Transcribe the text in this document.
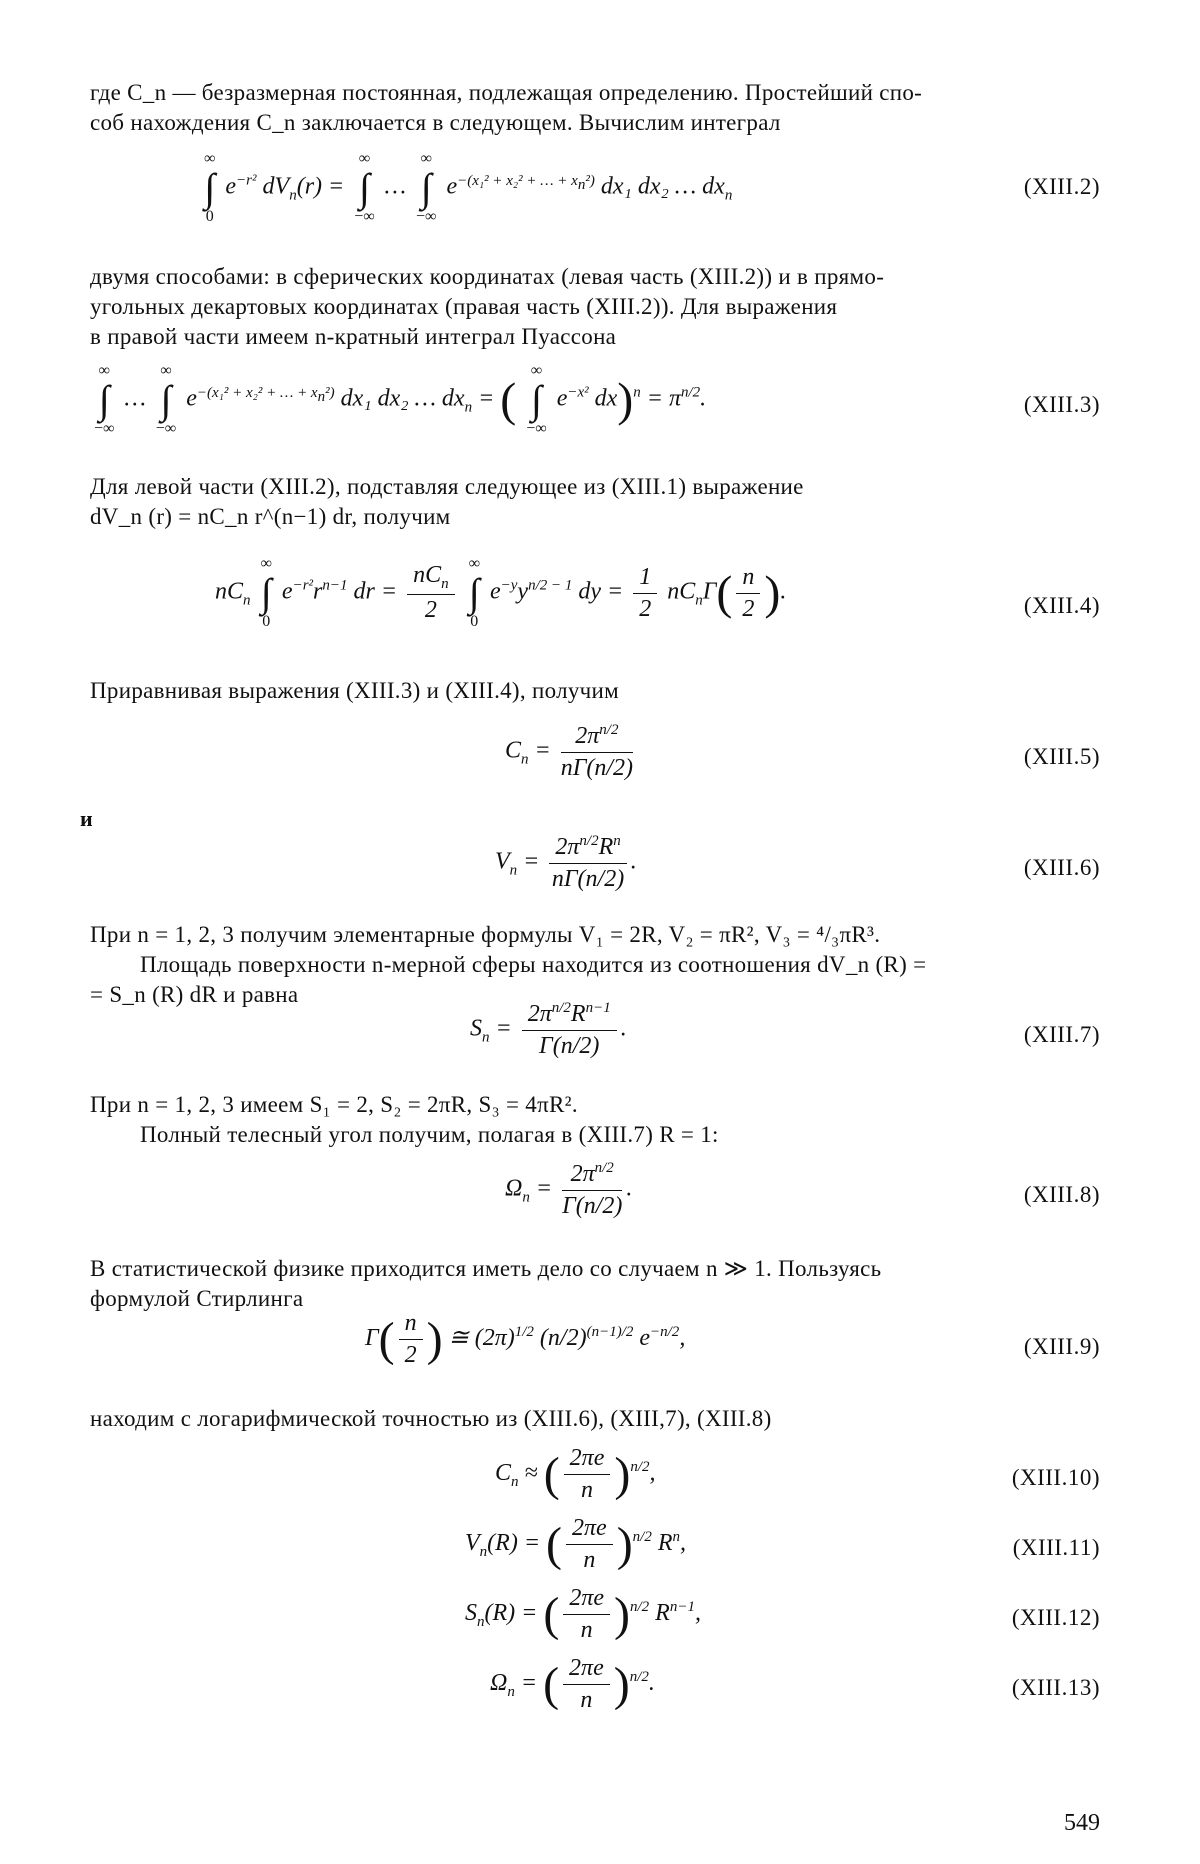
где C_n — безразмерная постоянная, подлежащая определению. Простейший спо-
соб нахождения C_n заключается в следующем. Вычислим интеграл
∞
∫
0
$e^{-r^2}$ $dV_n(r)$ =
∞
∫
−∞
…
∞
∫
−∞
$e^{-(x_1^2 + x_2^2 + \dots + x_n^2)}$ dx₁ dx₂ … $dx_n$	(XIII.2)
двумя способами: в сферических координатах (левая часть (XIII.2)) и в прямо-
угольных декартовых координатах (правая часть (XIII.2)). Для выражения
в правой части имеем n-кратный интеграл Пуассона
∞
∫
−∞
…
∞
∫
−∞
$e^{-(x_1^2 + x_2^2 + \dots + x_n^2)}$ dx₁ dx₂ … $dx_n$ = (
∞
∫
−∞
$e^{-x^2}$ $dx)^n = \pi^{n/2}$.	(XIII.3)
Для левой части (XIII.2), подставляя следующее из (XIII.1) выражение
dV_n (r) = nC_n r^(n−1) dr, получим
$nC_n$
∞
∫
0
$e^{-r^2}r^{n-1}$ dr = $\frac{nC_n}{2}$
∞
∫
0
$e^{-y}y^{n/2 - 1}$ dy = $\frac{1}{2} nC_n\Gamma( \frac{n}{2}$ ).
(XIII.4)
Приравнивая выражения (XIII.3) и (XIII.4), получим
$C_n = \frac{2\pi^{n/2}}{n\Gamma(n/2)}$	(XIII.5)
и
$V_n = \frac{2\pi^{n/2}R^n}{n\Gamma(n/2)}$ .	(XIII.6)
При n = 1, 2, 3 получим элементарные формулы V₁ = 2R, V₂ = πR², V₃ = ⁴/₃πR³.
Площадь поверхности n-мерной сферы находится из соотношения dV_n (R) =
= S_n (R) dR и равна
$S_n = \frac{2\pi^{n/2}R^{n-1}}{\Gamma(n/2)}$ .	(XIII.7)
При n = 1, 2, 3 имеем S₁ = 2, S₂ = 2πR, S₃ = 4πR².
Полный телесный угол получим, полагая в (XIII.7) R = 1:
$\Omega_n = \frac{2\pi^{n/2}}{\Gamma(n/2)}$ .	(XIII.8)
В статистической физике приходится иметь дело со случаем n ≫ 1. Пользуясь
формулой Стирлинга
$\Gamma( \frac{n}{2}$ ) ≅ $(2\pi)^{1/2}$ $(n/2)^{(n-1)/2}$ $e^{-n/2}$,	(XIII.9)
находим с логарифмической точностью из (XIII.6), (XIII,7), (XIII.8)
$C_n$ ≈ ( $\frac{2\pi e}{n} )^{n/2}$,	(XIII.10)
$V_n(R)$ = ( $\frac{2\pi e}{n} )^{n/2}$ $R^n$,	(XIII.11)
$S_n(R)$ = ( $\frac{2\pi e}{n} )^{n/2}$ $R^{n-1}$,	(XIII.12)
$\Omega_n$ = ( $\frac{2\pi e}{n} )^{n/2}$.	(XIII.13)
549
